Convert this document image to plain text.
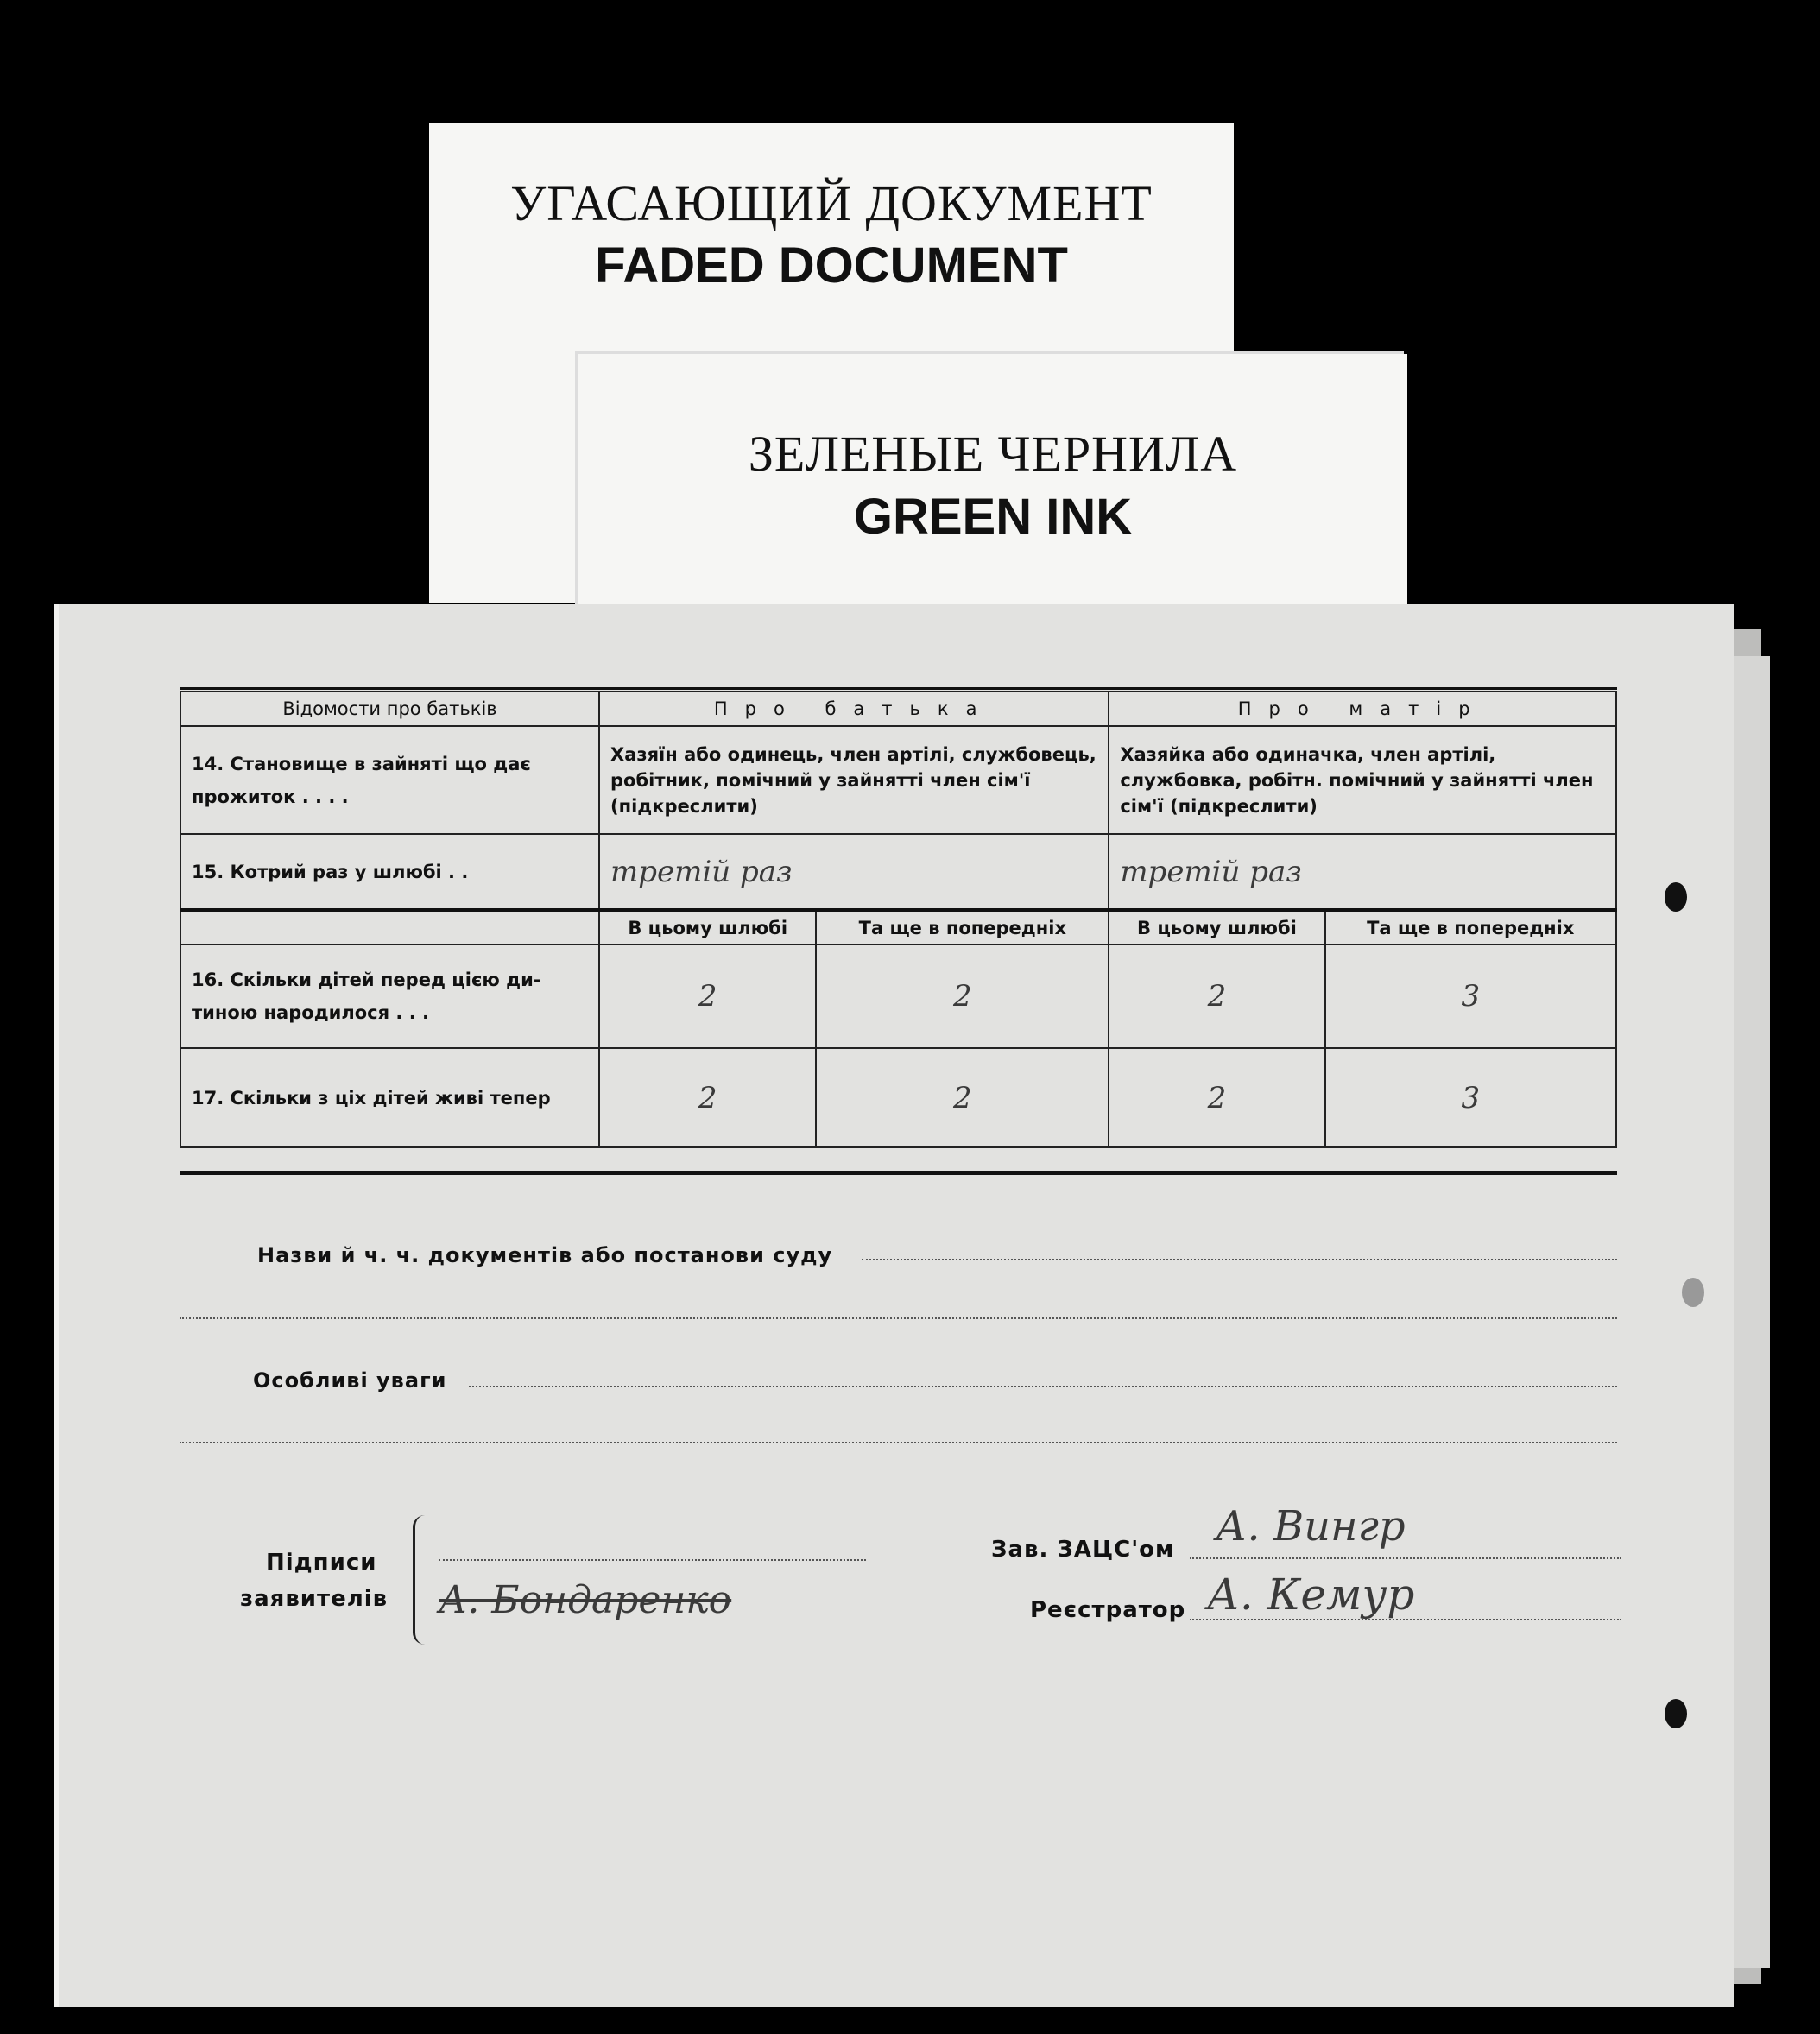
УГАСАЮЩИЙ ДОКУМЕНТ
FADED DOCUMENT
ЗЕЛЕНЫЕ ЧЕРНИЛА
GREEN INK
Відомости про батьків	Про батька		Про матір	

14. Становище в зайняті що дає
прожиток . . . .	Хазяїн або одинець, член артілі, службовець, робітник, помічний у зайнятті член сім'ї (підкреслити)		Хазяйка або одиначка, член артілі, службовка, робітн. помічний у зайнятті член сім'ї (підкреслити)	
15. Котрий раз у шлюбі . .	третій раз		третій раз	
	В цьому шлюбі	Та ще в попередніх	В цьому шлюбі	Та ще в попередніх

16. Скільки дітей перед цією ди-
тиною народилося . . .	2	2	2	3
17. Скільки з ціх дітей живі тепер	2	2	2	3
Назви й ч. ч. документів або постанови суду
Особливі уваги
Підписи
заявителів А. Бондаренко
Зав. ЗАЦС'ом А. Вингр
Реєстратор А. Кемур
